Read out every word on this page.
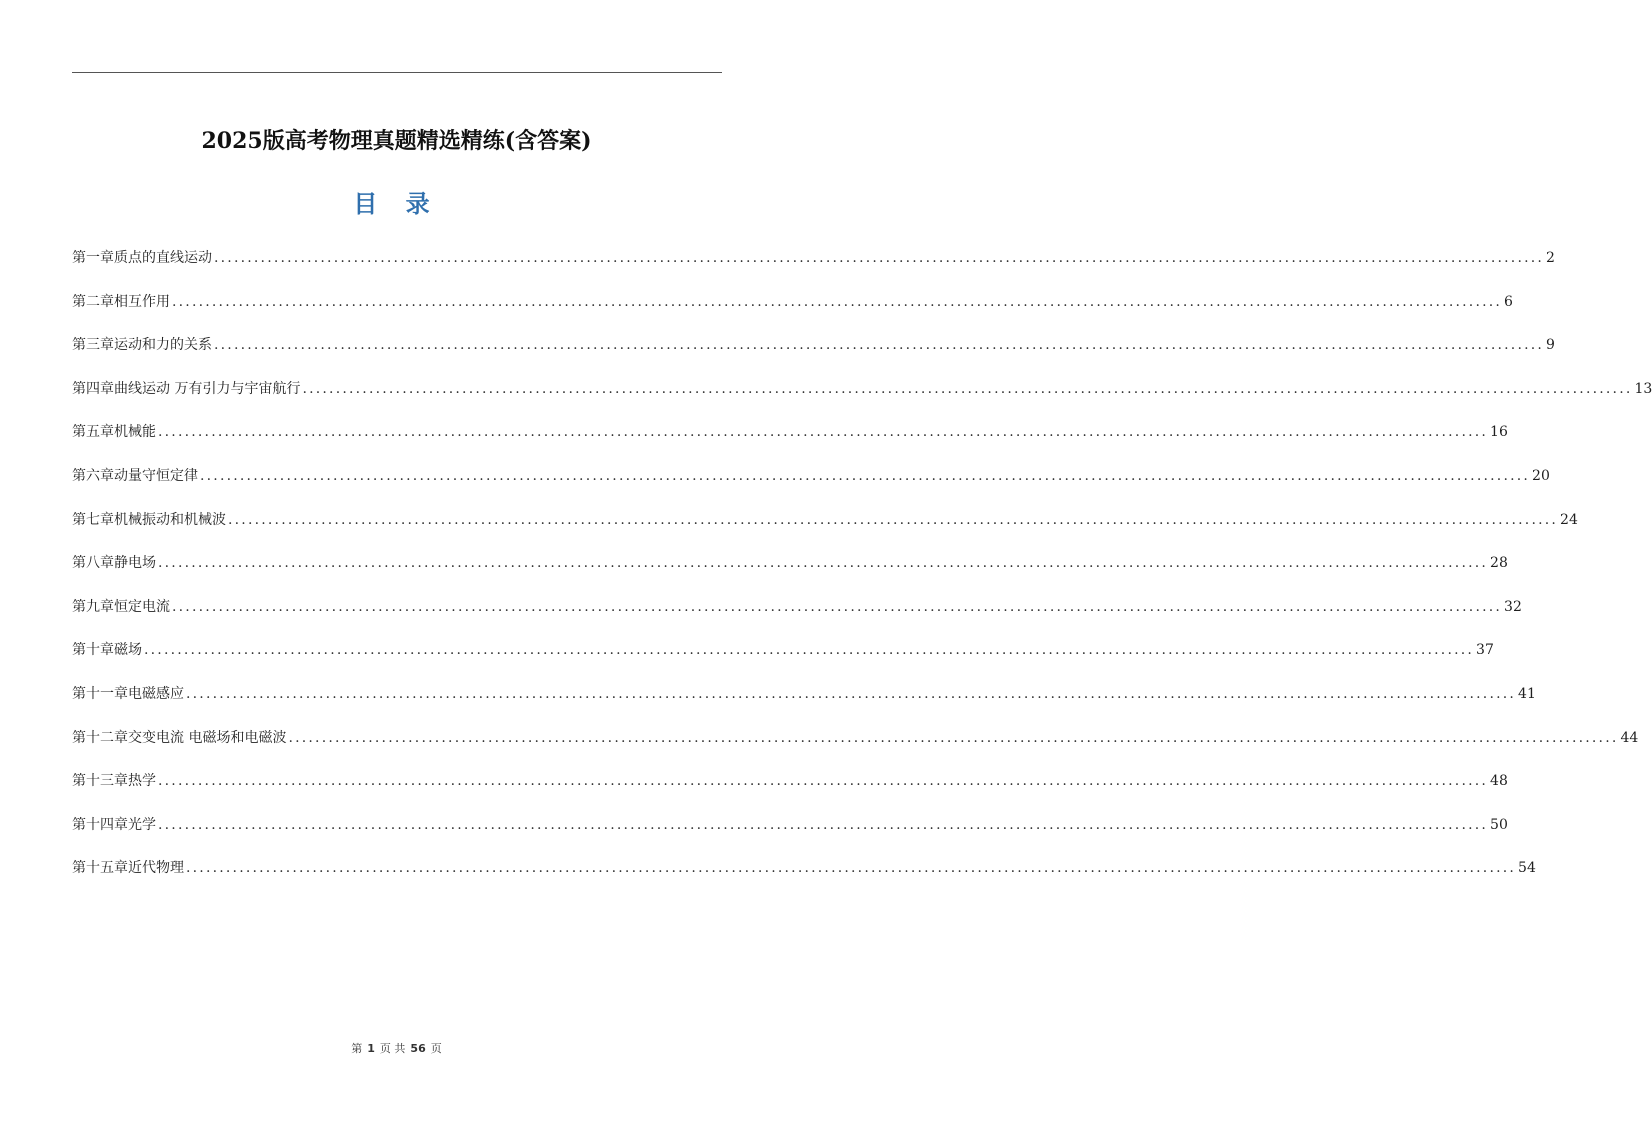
2025版高考物理真题精选精练(含答案)
目 录
第一章 质点的直线运动 ........................................................................................................................................................................................................ 2
第二章 相互作用 ........................................................................................................................................................................................................ 6
第三章 运动和力的关系 ........................................................................................................................................................................................................ 9
第四章 曲线运动 万有引力与宇宙航行 ........................................................................................................................................................................................................ 13
第五章 机械能 ........................................................................................................................................................................................................ 16
第六章 动量守恒定律 ........................................................................................................................................................................................................ 20
第七章 机械振动和机械波 ........................................................................................................................................................................................................ 24
第八章 静电场 ........................................................................................................................................................................................................ 28
第九章 恒定电流 ........................................................................................................................................................................................................ 32
第十章 磁场 ........................................................................................................................................................................................................ 37
第十一章 电磁感应 ........................................................................................................................................................................................................ 41
第十二章 交变电流 电磁场和电磁波 ........................................................................................................................................................................................................ 44
第十三章 热学 ........................................................................................................................................................................................................ 48
第十四章 光学 ........................................................................................................................................................................................................ 50
第十五章 近代物理 ........................................................................................................................................................................................................ 54
第 1 页 共 56 页
